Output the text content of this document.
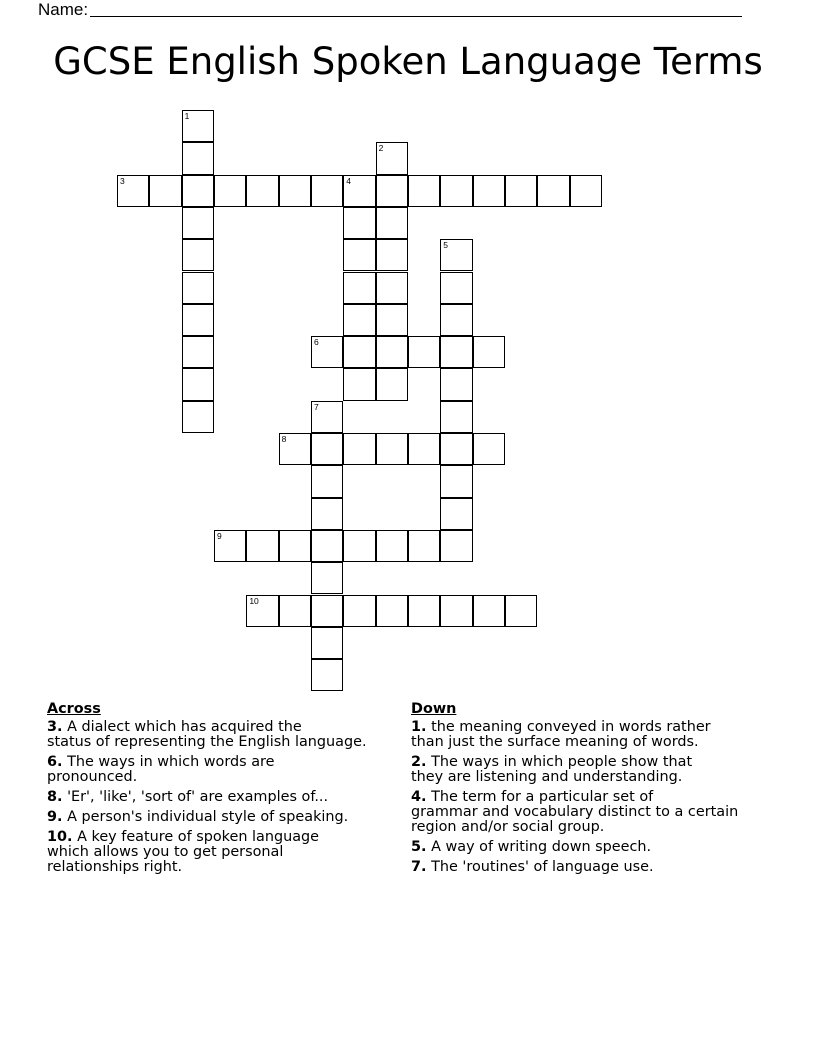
Name:
GCSE English Spoken Language Terms
1
2
3	4
5
6
7
8
9
10
Across
3. A dialect which has acquired the
status of representing the English language.
6. The ways in which words are
pronounced.
8. 'Er', 'like', 'sort of' are examples of...
9. A person's individual style of speaking.
10. A key feature of spoken language
which allows you to get personal
relationships right.
Down
1. the meaning conveyed in words rather
than just the surface meaning of words.
2. The ways in which people show that
they are listening and understanding.
4. The term for a particular set of
grammar and vocabulary distinct to a certain
region and/or social group.
5. A way of writing down speech.
7. The 'routines' of language use.
